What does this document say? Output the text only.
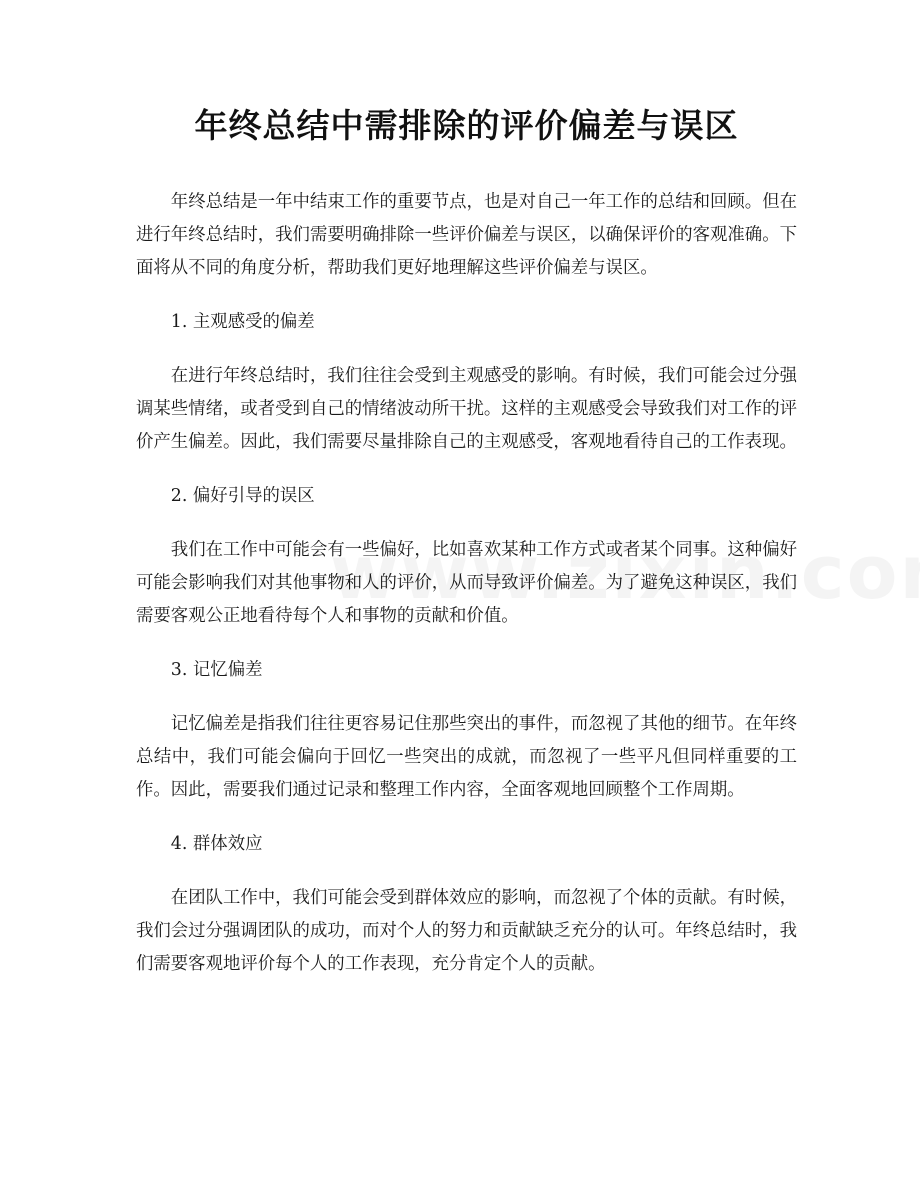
年终总结中需排除的评价偏差与误区

年终总结是一年中结束工作的重要节点，也是对自己一年工作的总结和回顾。但在进行年终总结时，我们需要明确排除一些评价偏差与误区，以确保评价的客观准确。下面将从不同的角度分析，帮助我们更好地理解这些评价偏差与误区。

1. 主观感受的偏差

在进行年终总结时，我们往往会受到主观感受的影响。有时候，我们可能会过分强调某些情绪，或者受到自己的情绪波动所干扰。这样的主观感受会导致我们对工作的评价产生偏差。因此，我们需要尽量排除自己的主观感受，客观地看待自己的工作表现。

2. 偏好引导的误区

我们在工作中可能会有一些偏好，比如喜欢某种工作方式或者某个同事。这种偏好可能会影响我们对其他事物和人的评价，从而导致评价偏差。为了避免这种误区，我们需要客观公正地看待每个人和事物的贡献和价值。

3. 记忆偏差

记忆偏差是指我们往往更容易记住那些突出的事件，而忽视了其他的细节。在年终总结中，我们可能会偏向于回忆一些突出的成就，而忽视了一些平凡但同样重要的工作。因此，需要我们通过记录和整理工作内容，全面客观地回顾整个工作周期。

4. 群体效应

在团队工作中，我们可能会受到群体效应的影响，而忽视了个体的贡献。有时候，我们会过分强调团队的成功，而对个人的努力和贡献缺乏充分的认可。年终总结时，我们需要客观地评价每个人的工作表现，充分肯定个人的贡献。
